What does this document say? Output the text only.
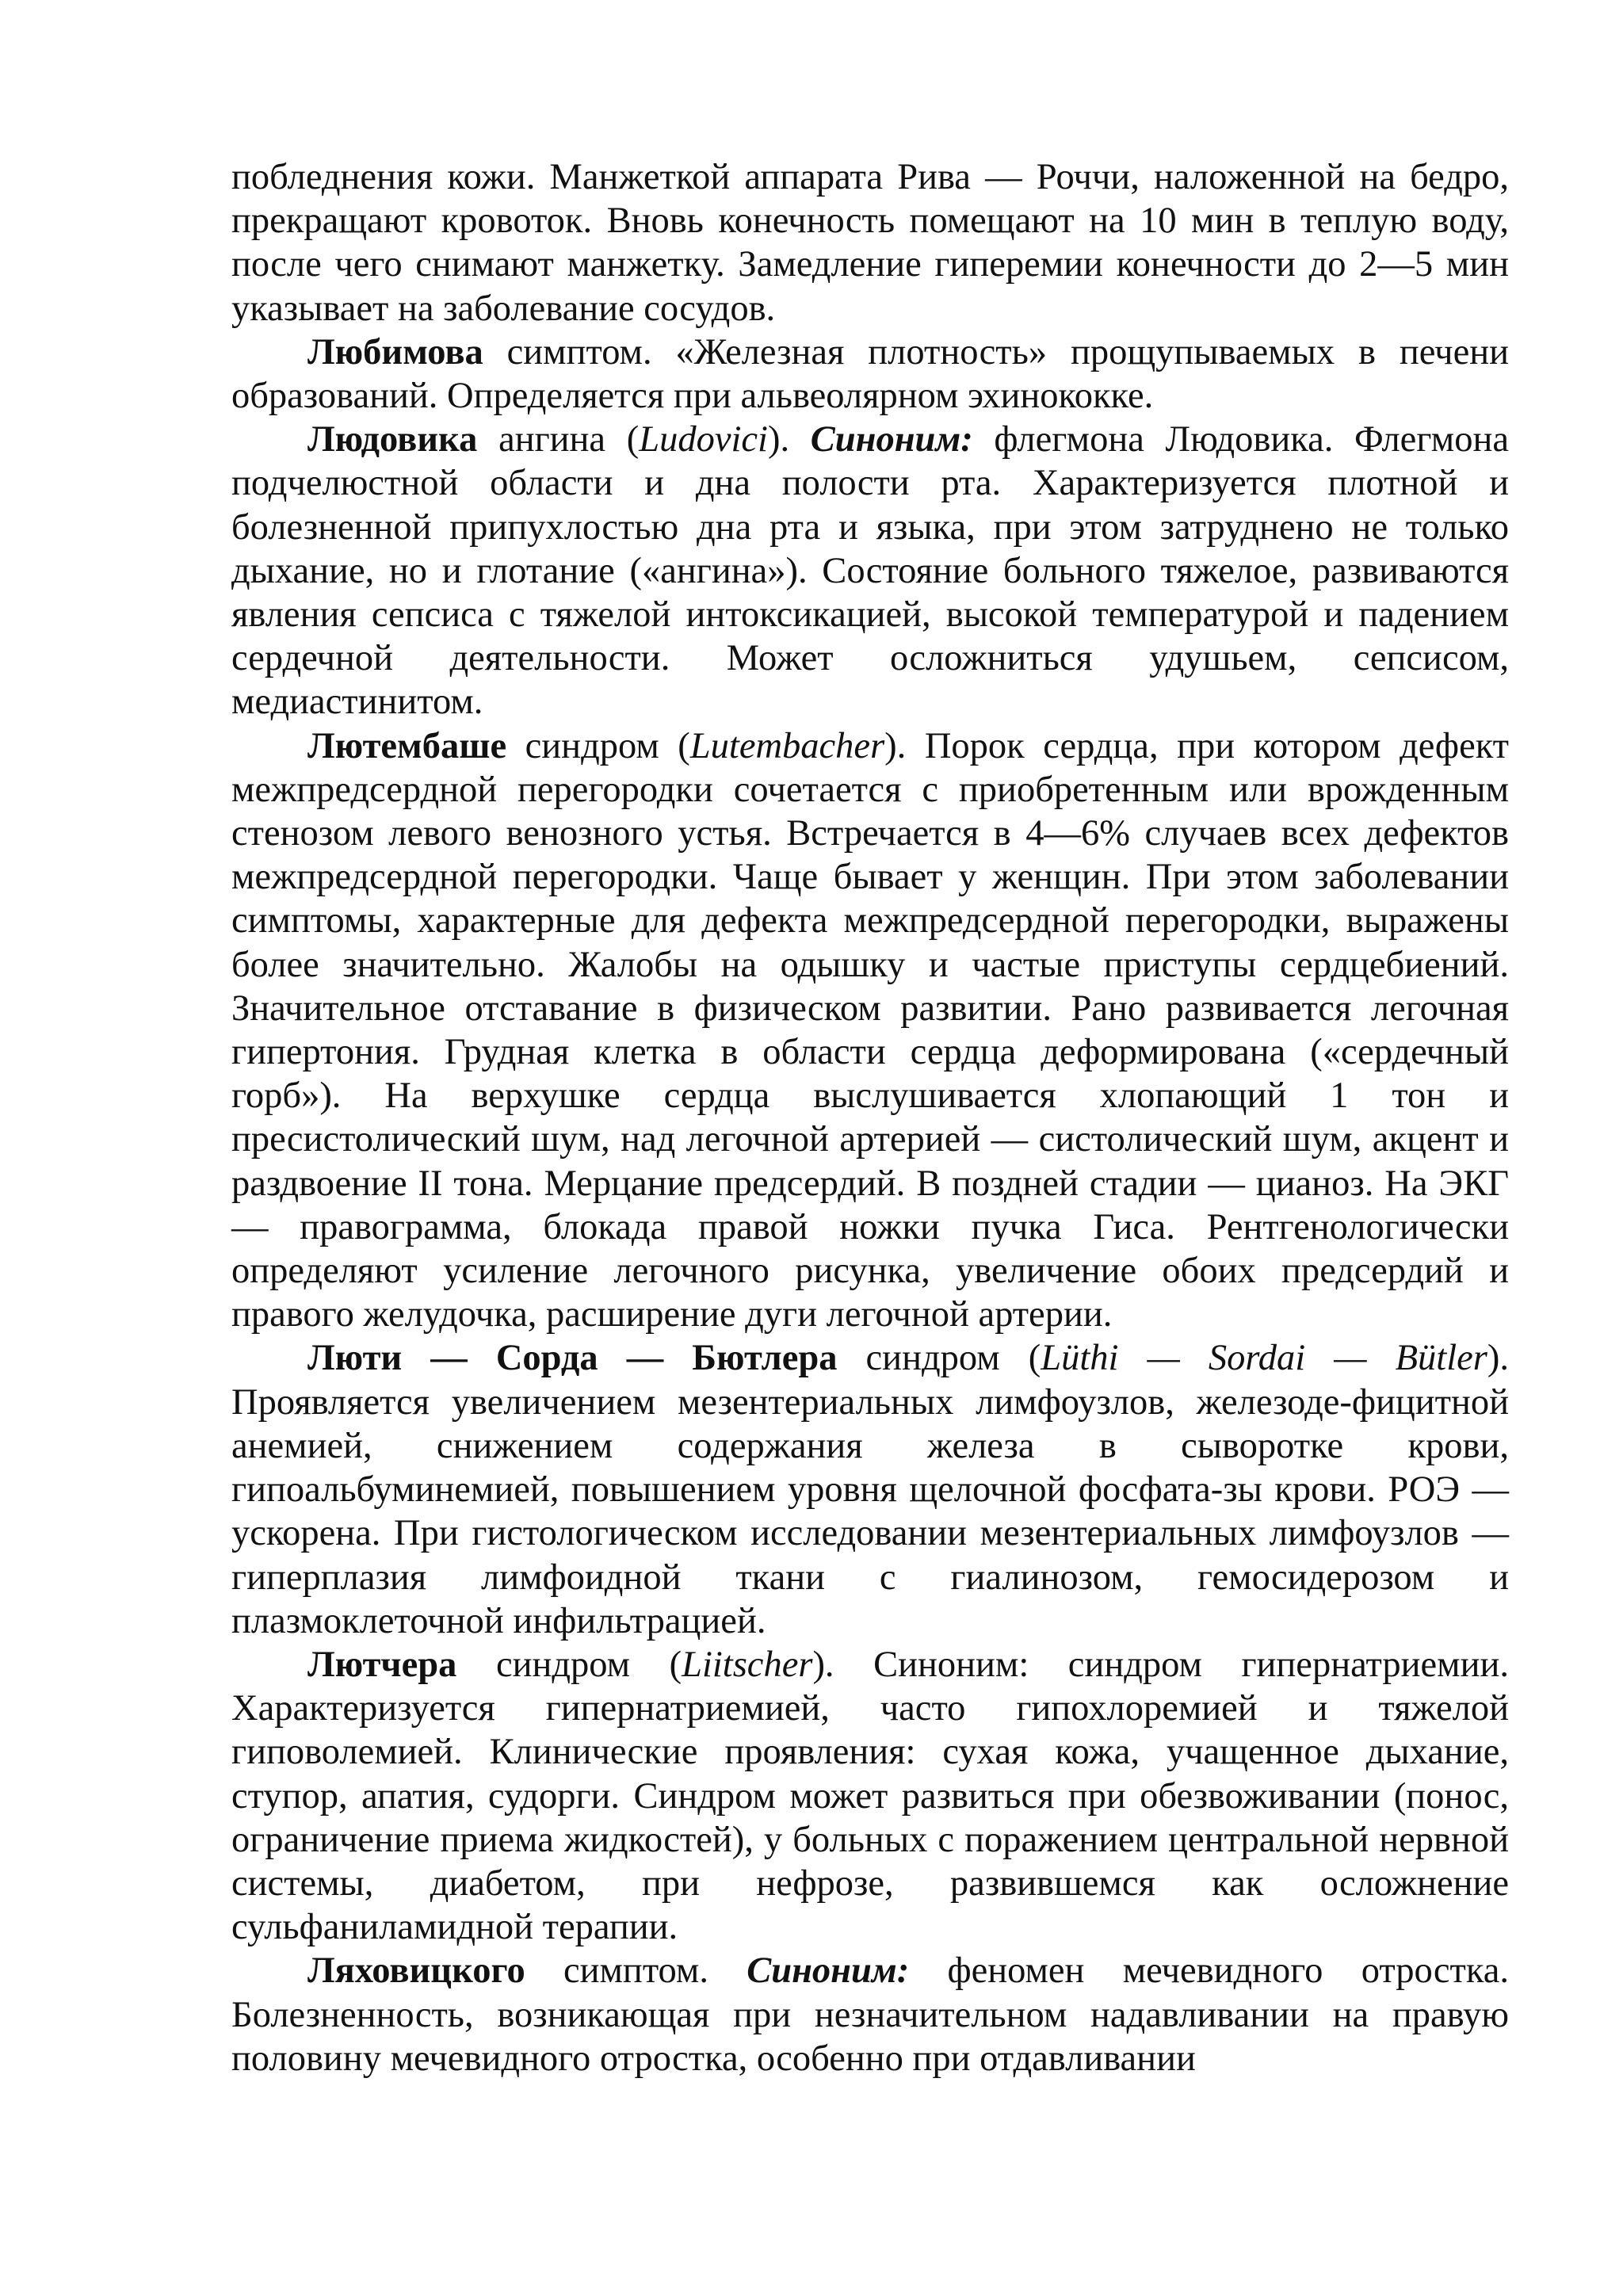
побледнения кожи. Манжеткой аппарата Рива — Роччи, наложенной на бедро, прекращают кровоток. Вновь конечность помещают на 10 мин в теплую воду, после чего снимают манжетку. Замедление гиперемии конечности до 2—5 мин указывает на заболевание сосудов.

Любимова симптом. «Железная плотность» прощупываемых в печени образований. Определяется при альвеолярном эхинококке.

Людовика ангина (Ludovici). Синоним: флегмона Людовика. Флегмона подчелюстной области и дна полости рта. Характеризуется плотной и болезненной припухлостью дна рта и языка, при этом затруднено не только дыхание, но и глотание («ангина»). Состояние больного тяжелое, развиваются явления сепсиса с тяжелой интоксикацией, высокой температурой и падением сердечной деятельности. Может осложниться удушьем, сепсисом, медиастинитом.

Лютембаше синдром (Lutembacher). Порок сердца, при котором дефект межпредсердной перегородки сочетается с приобретенным или врожденным стенозом левого венозного устья. Встречается в 4—6% случаев всех дефектов межпредсердной перегородки. Чаще бывает у женщин. При этом заболевании симптомы, характерные для дефекта межпредсердной перегородки, выражены более значительно. Жалобы на одышку и частые приступы сердцебиений. Значительное отставание в физическом развитии. Рано развивается легочная гипертония. Грудная клетка в области сердца деформирована («сердечный горб»). На верхушке сердца выслушивается хлопающий 1 тон и пресистолический шум, над легочной артерией — систолический шум, акцент и раздвоение II тона. Мерцание предсердий. В поздней стадии — цианоз. На ЭКГ — правограмма, блокада правой ножки пучка Гиса. Рентгенологически определяют усиление легочного рисунка, увеличение обоих предсердий и правого желудочка, расширение дуги легочной артерии.

Люти — Сорда — Бютлера синдром (Lüthi — Sordai — Bütler). Проявляется увеличением мезентериальных лимфоузлов, железоде-фицитной анемией, снижением содержания железа в сыворотке крови, гипоальбуминемией, повышением уровня щелочной фосфата-зы крови. РОЭ — ускорена. При гистологическом исследовании мезентериальных лимфоузлов — гиперплазия лимфоидной ткани с гиалинозом, гемосидерозом и плазмоклеточной инфильтрацией.

Лютчера синдром (Liitscher). Синоним: синдром гипернатриемии. Характеризуется гипернатриемией, часто гипохлоремией и тяжелой гиповолемией. Клинические проявления: сухая кожа, учащенное дыхание, ступор, апатия, судорги. Синдром может развиться при обезвоживании (понос, ограничение приема жидкостей), у больных с поражением центральной нервной системы, диабетом, при нефрозе, развившемся как осложнение сульфаниламидной терапии.

Ляховицкого симптом. Синоним: феномен мечевидного отростка. Болезненность, возникающая при незначительном надавливании на правую половину мечевидного отростка, особенно при отдавливании
